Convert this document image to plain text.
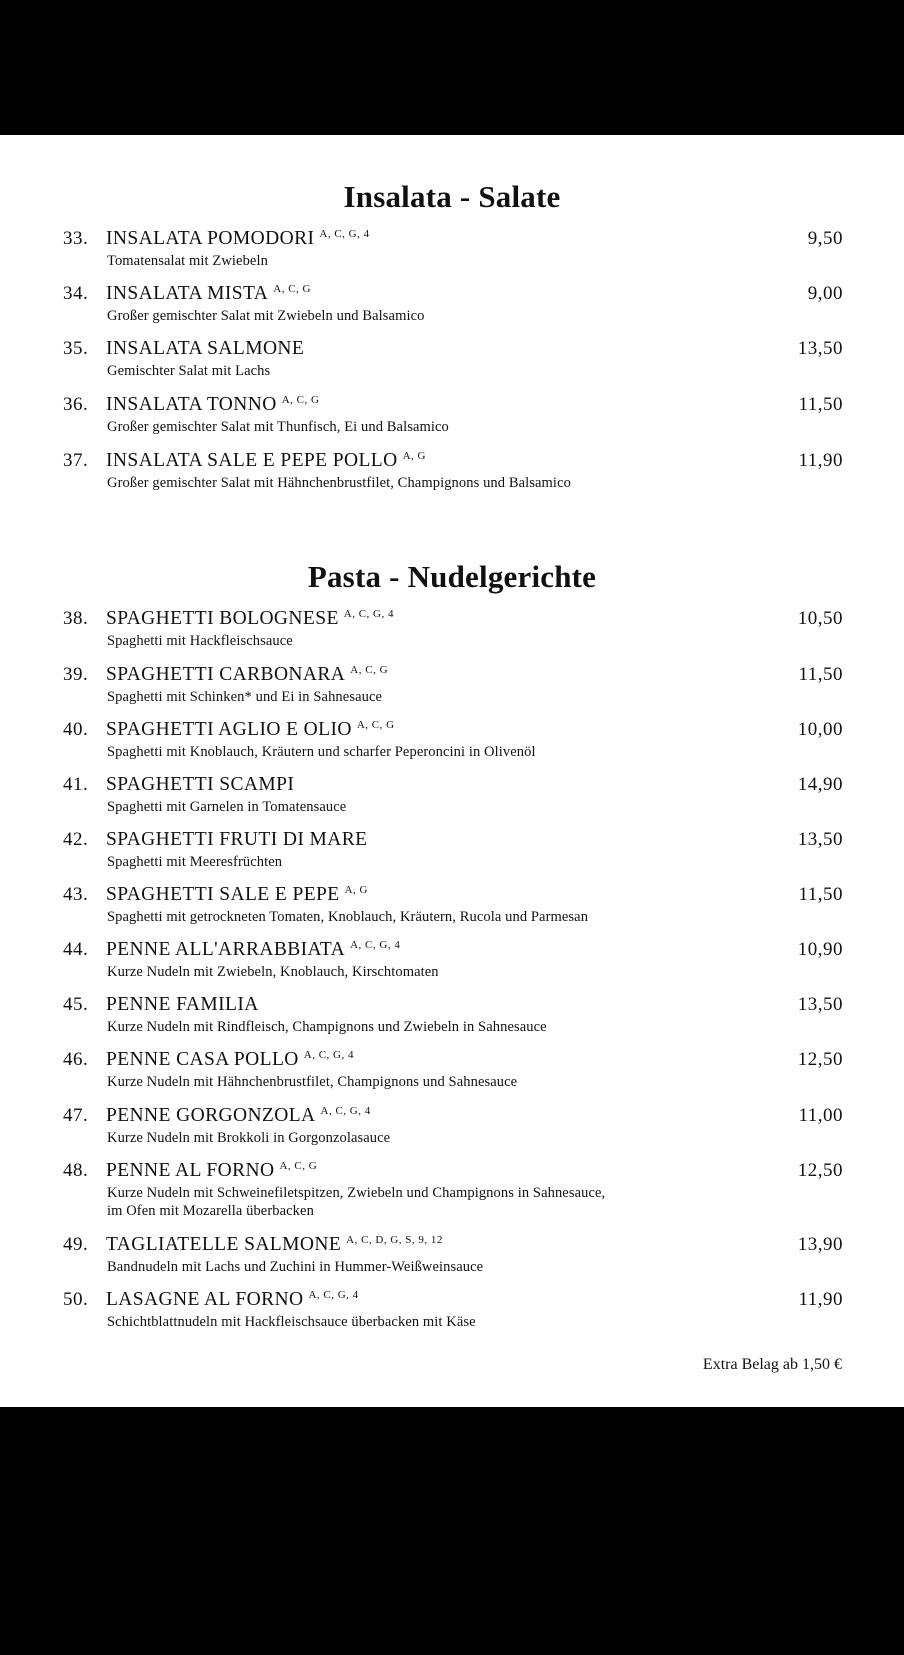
Insalata - Salate
33. INSALATA POMODORI $^{A, C, G, 4}$
Tomatensalat mit Zwiebeln
9,50
34. INSALATA MISTA $^{A, C, G}$
Großer gemischter Salat mit Zwiebeln und Balsamico
9,00
35. INSALATA SALMONE
Gemischter Salat mit Lachs
13,50
36. INSALATA TONNO $^{A, C, G}$
Großer gemischter Salat mit Thunfisch, Ei und Balsamico
11,50
37. INSALATA SALE E PEPE POLLO $^{A, G}$
Großer gemischter Salat mit Hähnchenbrustfilet, Champignons und Balsamico
11,90
Pasta - Nudelgerichte
38. SPAGHETTI BOLOGNESE $^{A, C, G, 4}$
Spaghetti mit Hackfleischsauce
10,50
39. SPAGHETTI CARBONARA $^{A, C, G}$
Spaghetti mit Schinken* und Ei in Sahnesauce
11,50
40. SPAGHETTI AGLIO E OLIO $^{A, C, G}$
Spaghetti mit Knoblauch, Kräutern und scharfer Peperoncini in Olivenöl
10,00
41. SPAGHETTI SCAMPI
Spaghetti mit Garnelen in Tomatensauce
14,90
42. SPAGHETTI FRUTI DI MARE
Spaghetti mit Meeresfrüchten
13,50
43. SPAGHETTI SALE E PEPE $^{A, G}$
Spaghetti mit getrockneten Tomaten, Knoblauch, Kräutern, Rucola und Parmesan
11,50
44. PENNE ALL'ARRABBIATA $^{A, C, G, 4}$
Kurze Nudeln mit Zwiebeln, Knoblauch, Kirschtomaten
10,90
45. PENNE FAMILIA
Kurze Nudeln mit Rindfleisch, Champignons und Zwiebeln in Sahnesauce
13,50
46. PENNE CASA POLLO $^{A, C, G, 4}$
Kurze Nudeln mit Hähnchenbrustfilet, Champignons und Sahnesauce
12,50
47. PENNE GORGONZOLA $^{A, C, G, 4}$
Kurze Nudeln mit Brokkoli in Gorgonzolasauce
11,00
48. PENNE AL FORNO $^{A, C, G}$
Kurze Nudeln mit Schweinefiletspitzen, Zwiebeln und Champignons in Sahnesauce,
im Ofen mit Mozarella überbacken
12,50
49. TAGLIATELLE SALMONE $^{A, C, D, G, S, 9, 12}$
Bandnudeln mit Lachs und Zuchini in Hummer-Weißweinsauce
13,90
50. LASAGNE AL FORNO $^{A, C, G, 4}$
Schichtblattnudeln mit Hackfleischsauce überbacken mit Käse
11,90
Extra Belag ab 1,50 €
